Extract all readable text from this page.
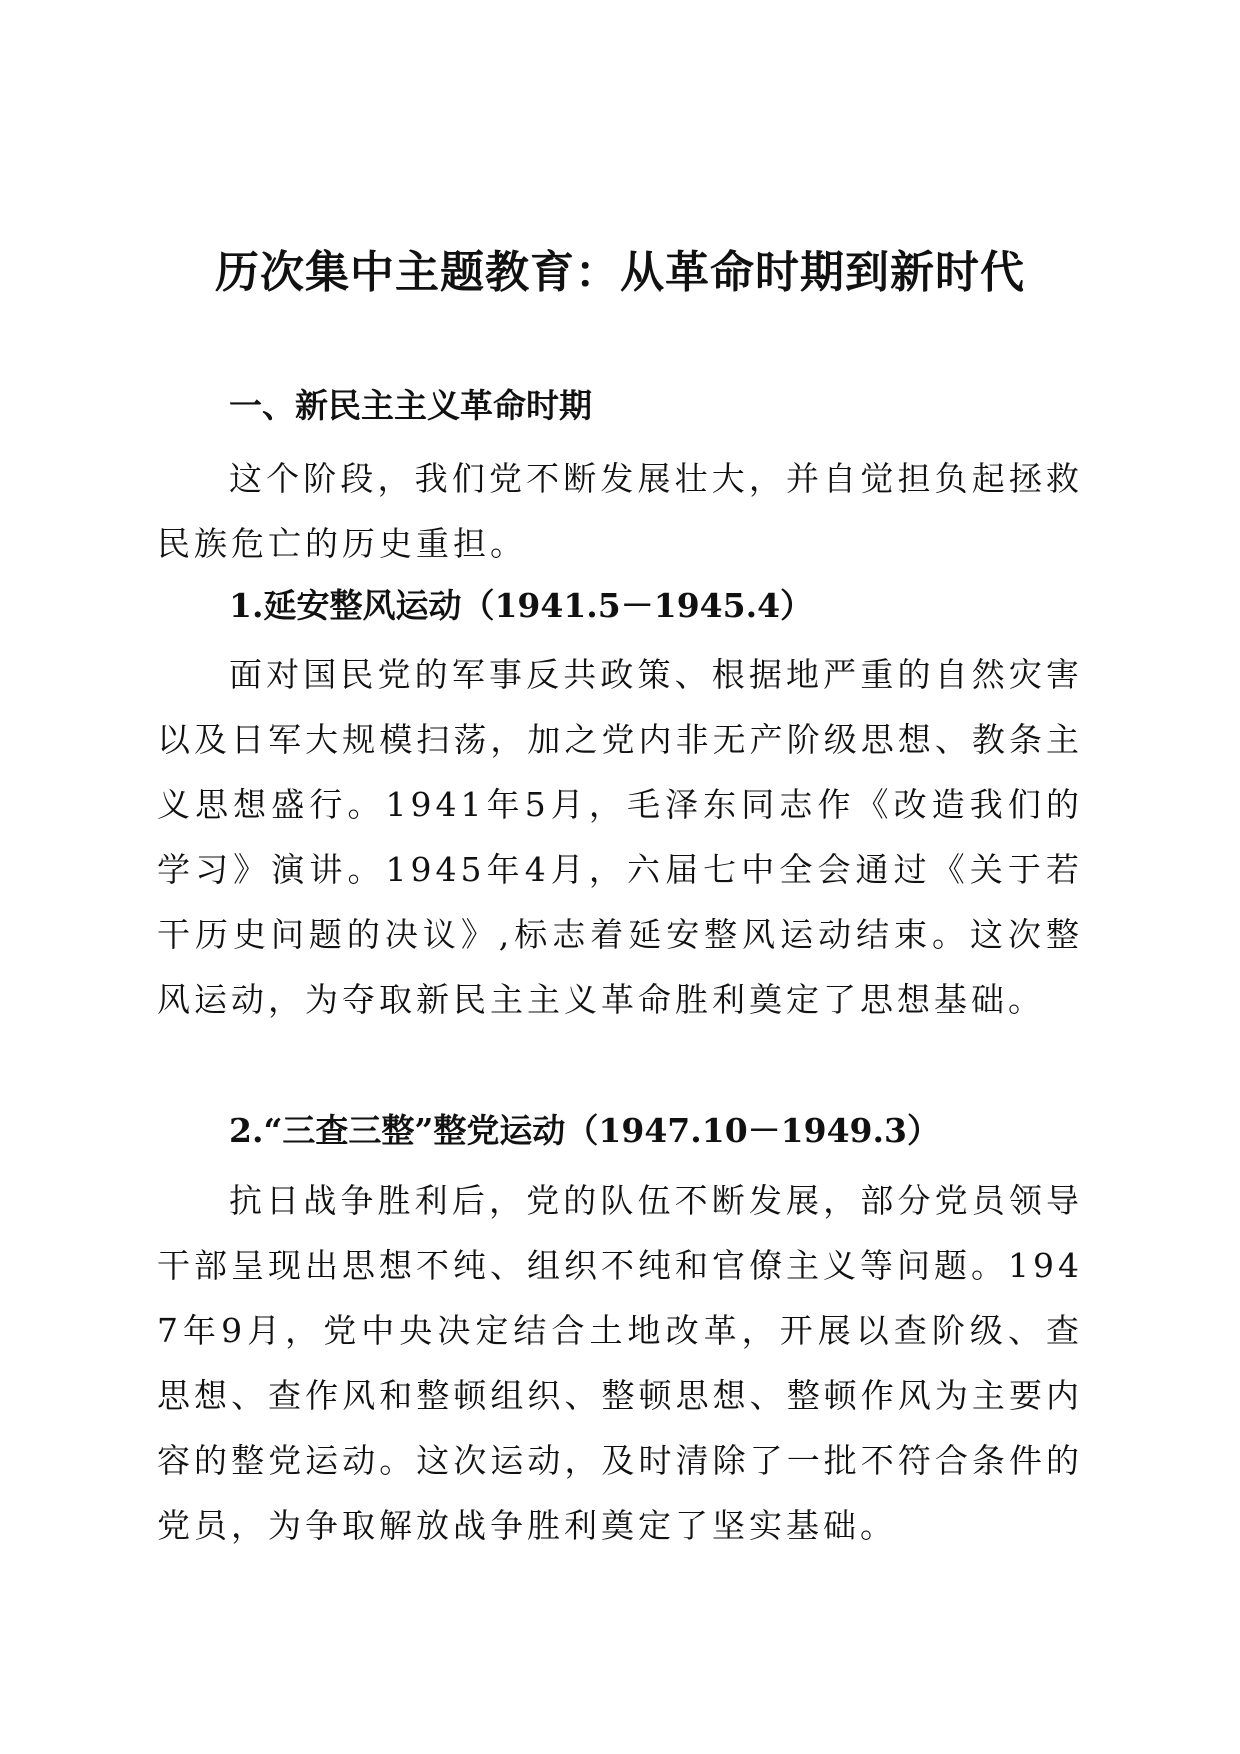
历次集中主题教育：从革命时期到新时代
一、新民主主义革命时期

这个阶段，我们党不断发展壮大，并自觉担负起拯救民族危亡的历史重担。

1.延安整风运动（1941.5－1945.4）

面对国民党的军事反共政策、根据地严重的自然灾害以及日军大规模扫荡，加之党内非无产阶级思想、教条主义思想盛行。1941年5月，毛泽东同志作《改造我们的学习》演讲。1945年4月，六届七中全会通过《关于若干历史问题的决议》,标志着延安整风运动结束。这次整风运动，为夺取新民主主义革命胜利奠定了思想基础。

2.“三查三整”整党运动（1947.10－1949.3）

抗日战争胜利后，党的队伍不断发展，部分党员领导干部呈现出思想不纯、组织不纯和官僚主义等问题。1947年9月，党中央决定结合土地改革，开展以查阶级、查思想、查作风和整顿组织、整顿思想、整顿作风为主要内容的整党运动。这次运动，及时清除了一批不符合条件的党员，为争取解放战争胜利奠定了坚实基础。
